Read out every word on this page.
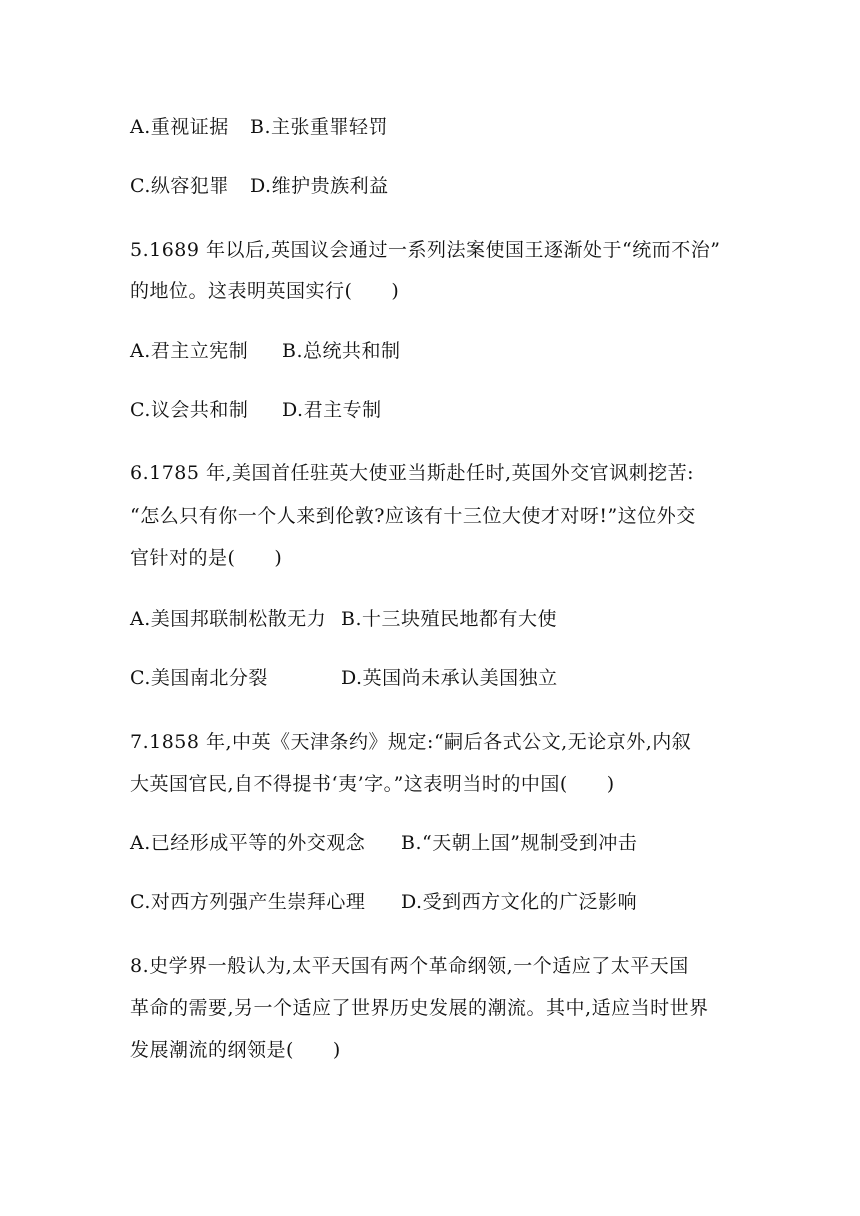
A.重视证据 B.主张重罪轻罚
C.纵容犯罪 D.维护贵族利益
5.1689 年以后,英国议会通过一系列法案使国王逐渐处于“统而不治”
的地位。这表明英国实行(　　)
A.君主立宪制 B.总统共和制
C.议会共和制 D.君主专制
6.1785 年,美国首任驻英大使亚当斯赴任时,英国外交官讽刺挖苦:
“怎么只有你一个人来到伦敦?应该有十三位大使才对呀!”这位外交
官针对的是(　　)
A.美国邦联制松散无力 B.十三块殖民地都有大使
C.美国南北分裂	D.英国尚未承认美国独立
7.1858 年,中英《天津条约》规定:“嗣后各式公文,无论京外,内叙
大英国官民,自不得提书‘夷’字。”这表明当时的中国(　　)
A.已经形成平等的外交观念 B.“天朝上国”规制受到冲击
C.对西方列强产生崇拜心理 D.受到西方文化的广泛影响
8.史学界一般认为,太平天国有两个革命纲领,一个适应了太平天国
革命的需要,另一个适应了世界历史发展的潮流。其中,适应当时世界
发展潮流的纲领是(　　)
